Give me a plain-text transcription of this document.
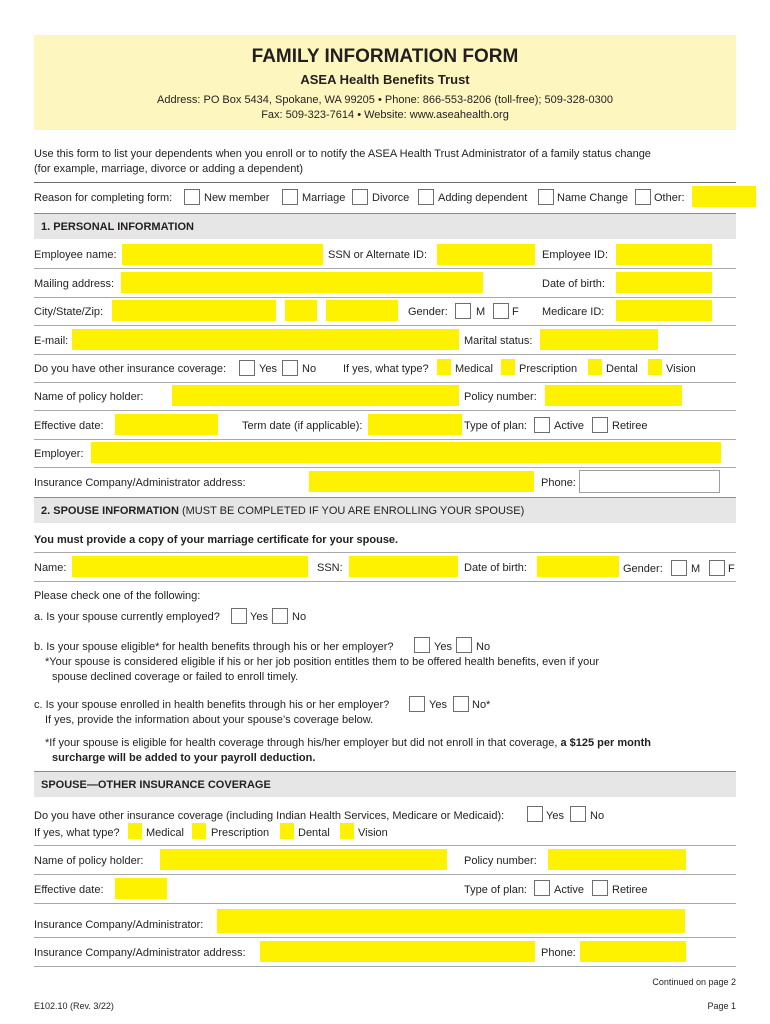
FAMILY INFORMATION FORM
ASEA Health Benefits Trust
Address: PO Box 5434, Spokane, WA 99205 • Phone: 866-553-8206 (toll-free); 509-328-0300
Fax: 509-323-7614 • Website: www.aseahealth.org
Use this form to list your dependents when you enroll or to notify the ASEA Health Trust Administrator of a family status change
(for example, marriage, divorce or adding a dependent)
Reason for completing form:	New member	Marriage Divorce	Adding dependent	Name Change Other:
1. PERSONAL INFORMATION
Employee name:	SSN or Alternate ID:	Employee ID:
Mailing address:	Date of birth:
City/State/Zip:	Gender:	M F Medicare ID:
E-mail:	Marital status:
Do you have other insurance coverage:	Yes No If yes, what type? Medical Prescription	Dental	Vision
Name of policy holder:	Policy number:
Effective date:	Term date (if applicable):	Type of plan: Active	Retiree
Employer:
Insurance Company/Administrator address:	Phone:
2. SPOUSE INFORMATION (MUST BE COMPLETED IF YOU ARE ENROLLING YOUR SPOUSE)
You must provide a copy of your marriage certificate for your spouse.
Name:	SSN:	Date of birth:	Gender:	M	F
Please check one of the following:
a. Is your spouse currently employed?	Yes No
b. Is your spouse eligible* for health benefits through his or her employer?	Yes No
*Your spouse is considered eligible if his or her job position entitles them to be offered health benefits, even if your
spouse declined coverage or failed to enroll timely.
c. Is your spouse enrolled in health benefits through his or her employer?	Yes No*
If yes, provide the information about your spouse’s coverage below.
*If your spouse is eligible for health coverage through his/her employer but did not enroll in that coverage, a $125 per month
surcharge will be added to your payroll deduction.
SPOUSE—OTHER INSURANCE COVERAGE
Do you have other insurance coverage (including Indian Health Services, Medicare or Medicaid):	Yes No
If yes, what type? Medical Prescription	Dental	Vision
Name of policy holder:	Policy number:
Effective date:	Type of plan: Active	Retiree
Insurance Company/Administrator:
Insurance Company/Administrator address:	Phone:
Continued on page 2
E102.10 (Rev. 3/22)	Page 1
